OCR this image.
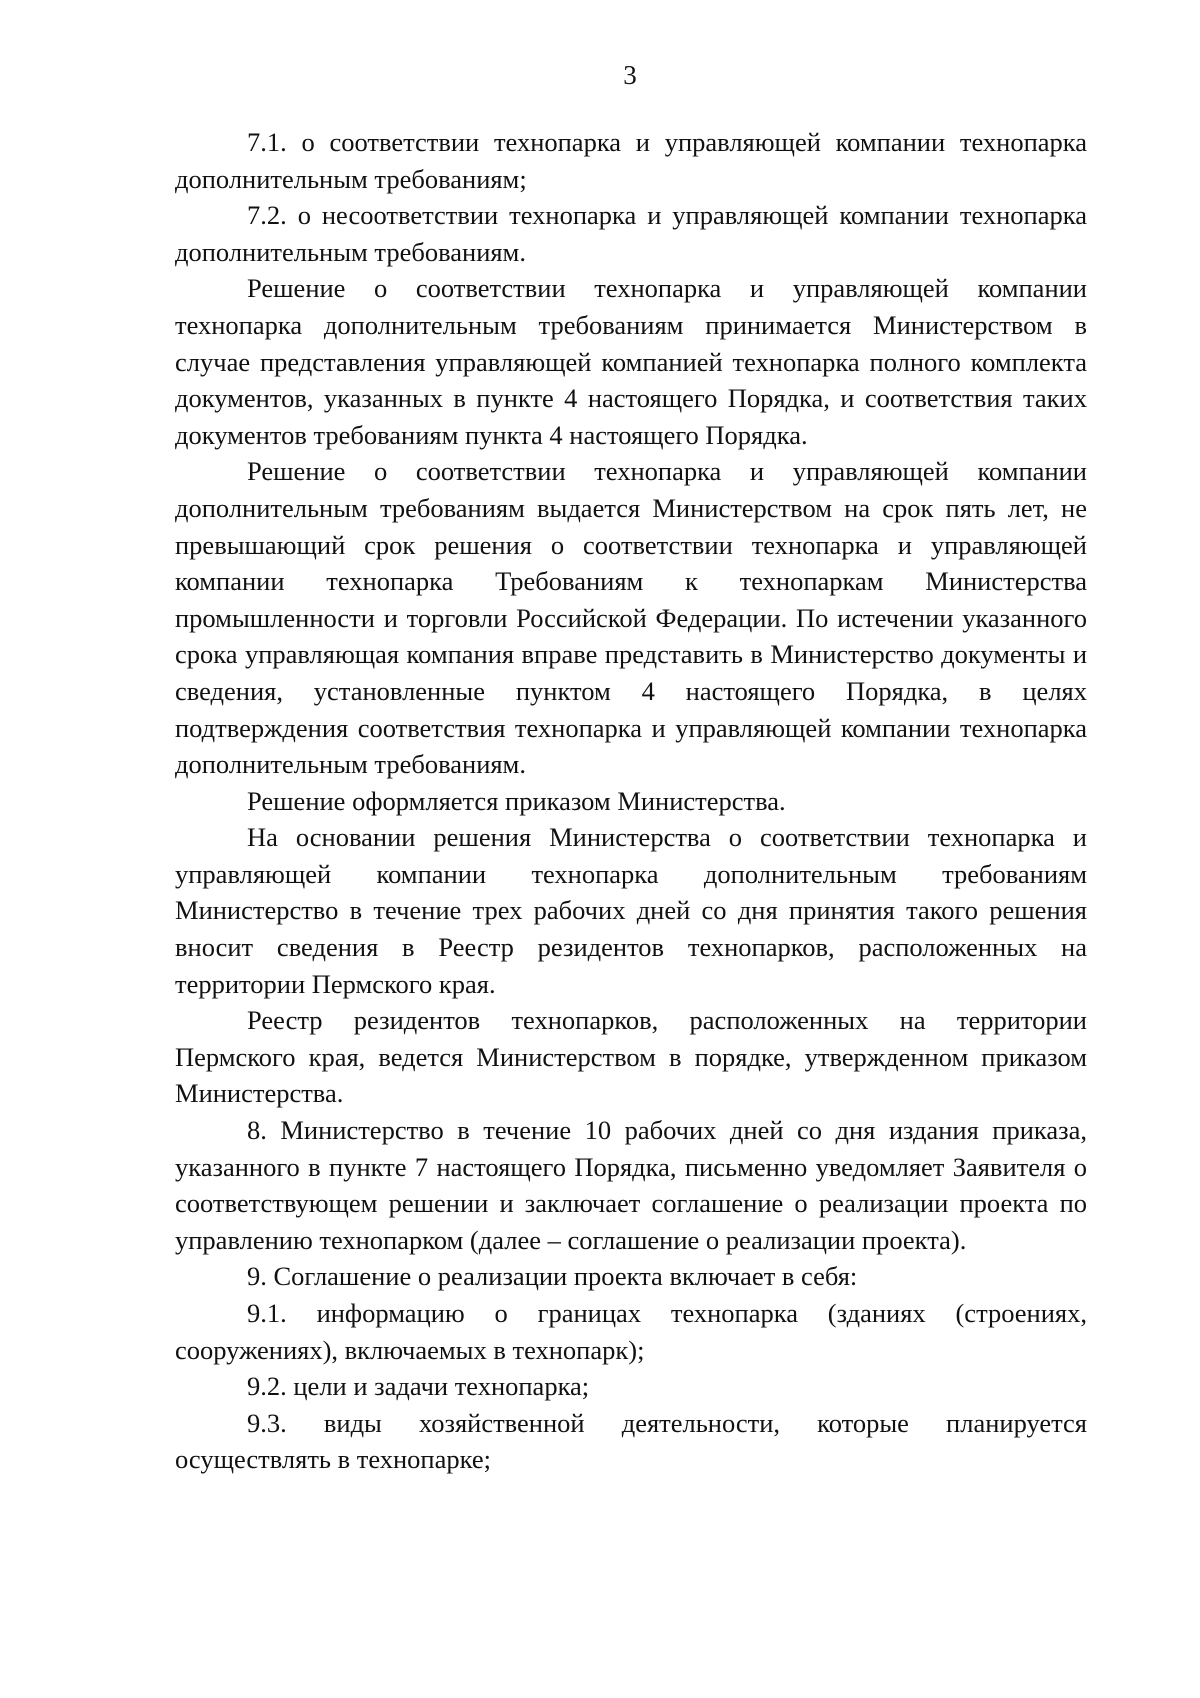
3

7.1. о соответствии технопарка и управляющей компании технопарка дополнительным требованиям;

7.2. о несоответствии технопарка и управляющей компании технопарка дополнительным требованиям.

Решение о соответствии технопарка и управляющей компании технопарка дополнительным требованиям принимается Министерством в случае представления управляющей компанией технопарка полного комплекта документов, указанных в пункте 4 настоящего Порядка, и соответствия таких документов требованиям пункта 4 настоящего Порядка.

Решение о соответствии технопарка и управляющей компании дополнительным требованиям выдается Министерством на срок пять лет, не превышающий срок решения о соответствии технопарка и управляющей компании технопарка Требованиям к технопаркам Министерства промышленности и торговли Российской Федерации. По истечении указанного срока управляющая компания вправе представить в Министерство документы и сведения, установленные пунктом 4 настоящего Порядка, в целях подтверждения соответствия технопарка и управляющей компании технопарка дополнительным требованиям.

Решение оформляется приказом Министерства.

На основании решения Министерства о соответствии технопарка и управляющей компании технопарка дополнительным требованиям Министерство в течение трех рабочих дней со дня принятия такого решения вносит сведения в Реестр резидентов технопарков, расположенных на территории Пермского края.

Реестр резидентов технопарков, расположенных на территории Пермского края, ведется Министерством в порядке, утвержденном приказом Министерства.

8. Министерство в течение 10 рабочих дней со дня издания приказа, указанного в пункте 7 настоящего Порядка, письменно уведомляет Заявителя о соответствующем решении и заключает соглашение о реализации проекта по управлению технопарком (далее – соглашение о реализации проекта).

9. Соглашение о реализации проекта включает в себя:

9.1. информацию о границах технопарка (зданиях (строениях, сооружениях), включаемых в технопарк);

9.2. цели и задачи технопарка;

9.3. виды хозяйственной деятельности, которые планируется осуществлять в технопарке;
